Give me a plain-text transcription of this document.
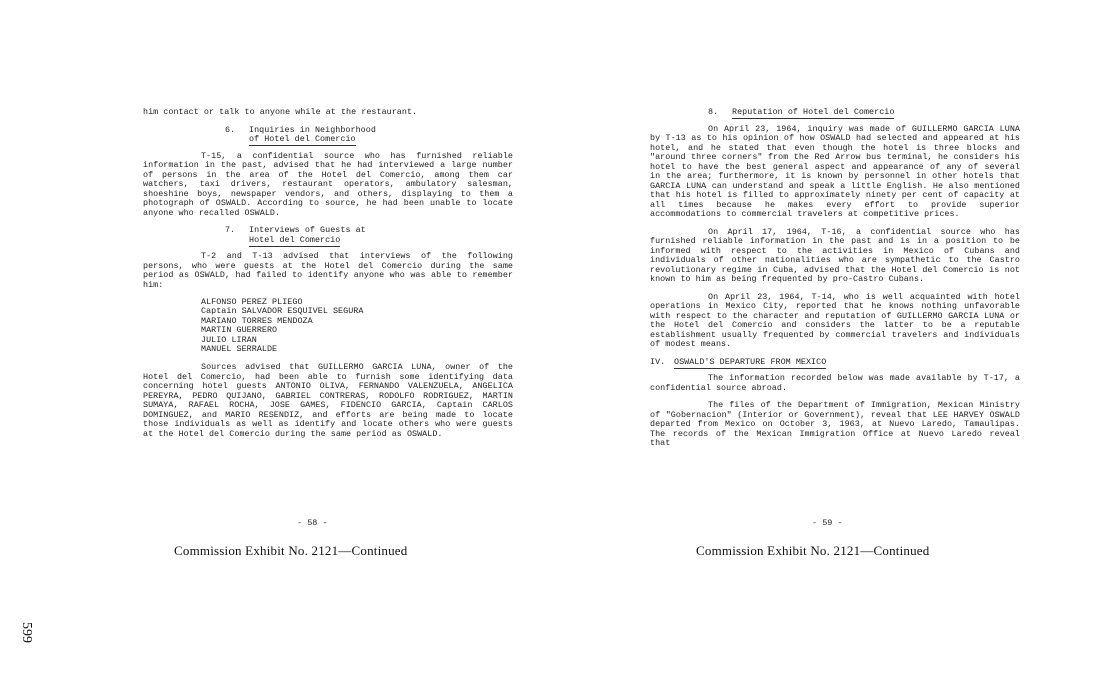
him contact or talk to anyone while at the restaurant.

6. Inquiries in Neighborhood
of Hotel del Comercio

T-15, a confidential source who has furnished reliable information in the past, advised that he had interviewed a large number of persons in the area of the Hotel del Comercio, among them car watchers, taxi drivers, restaurant operators, ambulatory salesman, shoeshine boys, newspaper vendors, and others, displaying to them a photograph of OSWALD. According to source, he had been unable to locate anyone who recalled OSWALD.

7. Interviews of Guests at
Hotel del Comercio

T-2 and T-13 advised that interviews of the following persons, who were guests at the Hotel del Comercio during the same period as OSWALD, had failed to identify anyone who was able to remember him:

ALFONSO PEREZ PLIEGO
Captain SALVADOR ESQUIVEL SEGURA
MARIANO TORRES MENDOZA
MARTIN GUERRERO
JULIO LIRAN
MANUEL SERRALDE

Sources advised that GUILLERMO GARCIA LUNA, owner of the Hotel del Comercio, had been able to furnish some identifying data concerning hotel guests ANTONIO OLIVA, FERNANDO VALENZUELA, ANGELICA PEREYRA, PEDRO QUIJANO, GABRIEL CONTRERAS, RODOLFO RODRIGUEZ, MARTIN SUMAYA, RAFAEL ROCHA, JOSE GAMES, FIDENCIO GARCIA, Captain CARLOS DOMINGUEZ, and MARIO RESENDIZ, and efforts are being made to locate those individuals as well as identify and locate others who were guests at the Hotel del Comercio during the same period as OSWALD.

- 58 -
Commission Exhibit No. 2121—Continued
8. Reputation of Hotel del Comercio

On April 23, 1964, inquiry was made of GUILLERMO GARCIA LUNA by T-13 as to his opinion of how OSWALD had selected and appeared at his hotel, and he stated that even though the hotel is three blocks and "around three corners" from the Red Arrow bus terminal, he considers his hotel to have the best general aspect and appearance of any of several in the area; furthermore, it is known by personnel in other hotels that GARCIA LUNA can understand and speak a little English. He also mentioned that his hotel is filled to approximately ninety per cent of capacity at all times because he makes every effort to provide superior accommodations to commercial travelers at competitive prices.

On April 17, 1964, T-16, a confidential source who has furnished reliable information in the past and is in a position to be informed with respect to the activities in Mexico of Cubans and individuals of other nationalities who are sympathetic to the Castro revolutionary regime in Cuba, advised that the Hotel del Comercio is not known to him as being frequented by pro-Castro Cubans.

On April 23, 1964, T-14, who is well acquainted with hotel operations in Mexico City, reported that he knows nothing unfavorable with respect to the character and reputation of GUILLERMO GARCIA LUNA or the Hotel del Comercio and considers the latter to be a reputable establishment usually frequented by commercial travelers and individuals of modest means.

IV. OSWALD'S DEPARTURE FROM MEXICO

The information recorded below was made available by T-17, a confidential source abroad.

The files of the Department of Immigration, Mexican Ministry of "Gobernacion" (Interior or Government), reveal that LEE HARVEY OSWALD departed from Mexico on October 3, 1963, at Nuevo Laredo, Tamaulipas. The records of the Mexican Immigration Office at Nuevo Laredo reveal that

- 59 -
Commission Exhibit No. 2121—Continued
599
